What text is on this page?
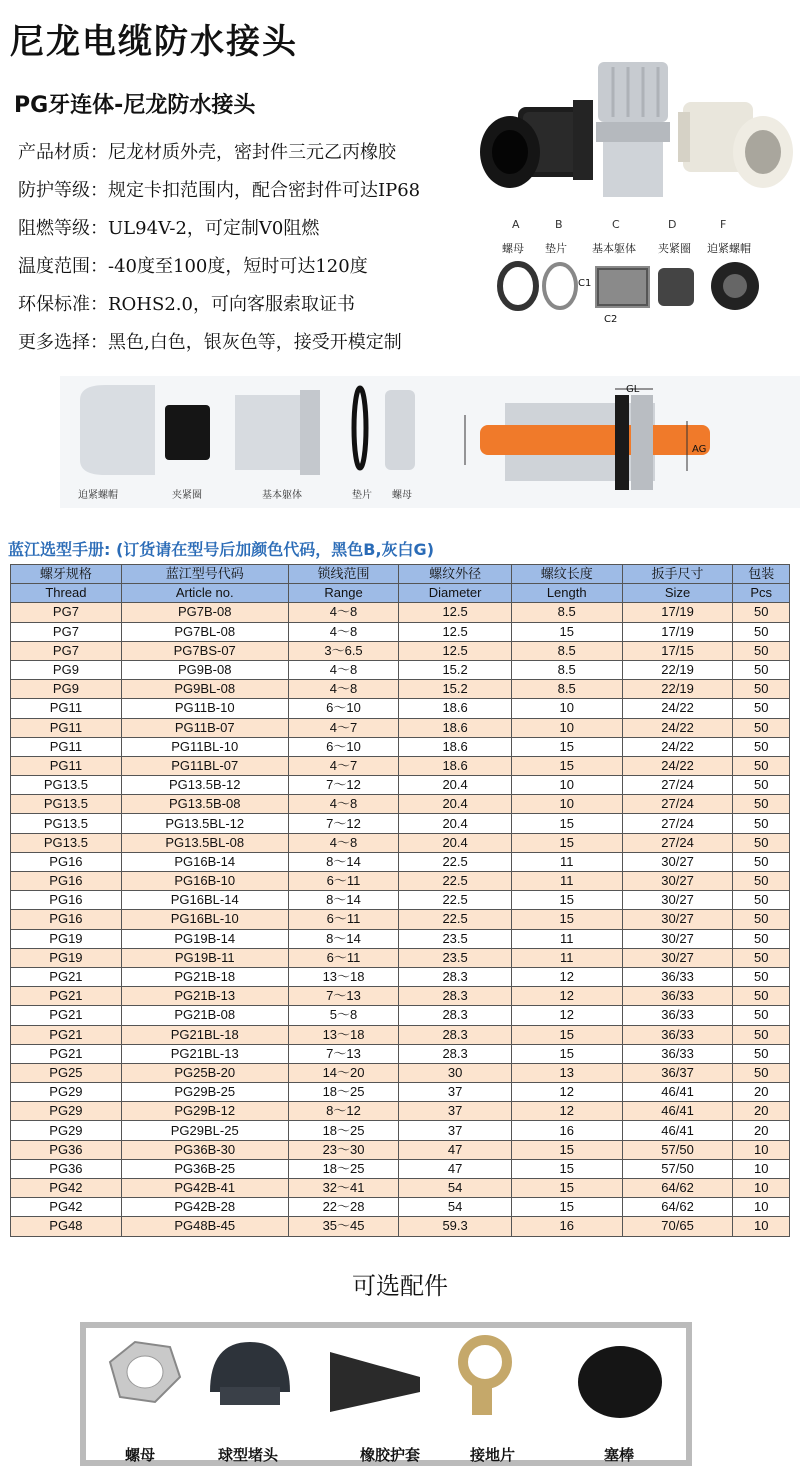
尼龙电缆防水接头
PG牙连体-尼龙防水接头
产品材质：尼龙材质外壳，密封件三元乙丙橡胶
防护等级：规定卡扣范围内，配合密封件可达IP68
阻燃等级：UL94V-2，可定制V0阻燃
温度范围：-40度至100度，短时可达120度
环保标准：ROHS2.0，可向客服索取证书
更多选择：黑色,白色，银灰色等，接受开模定制
A	B	C	D	F
螺母 垫片 基本躯体 夹紧圈 迫紧螺帽
C1
C2
迫紧螺帽	夹紧圈	基本躯体	垫片 螺母
GL
AG
蓝江选型手册: (订货请在型号后加颜色代码，黑色B,灰白G)
螺牙规格	蓝江型号代码	锁线范围	螺纹外径	螺纹长度	扳手尺寸	包装
Thread	Article no.	Range	Diameter	Length	Size	Pcs
PG7	PG7B-08	4～8	12.5	8.5	17/19	50
PG7	PG7BL-08	4～8	12.5	15	17/19	50
PG7	PG7BS-07	3～6.5	12.5	8.5	17/15	50
PG9	PG9B-08	4～8	15.2	8.5	22/19	50
PG9	PG9BL-08	4～8	15.2	8.5	22/19	50
PG11	PG11B-10	6～10	18.6	10	24/22	50
PG11	PG11B-07	4～7	18.6	10	24/22	50
PG11	PG11BL-10	6～10	18.6	15	24/22	50
PG11	PG11BL-07	4～7	18.6	15	24/22	50
PG13.5	PG13.5B-12	7～12	20.4	10	27/24	50
PG13.5	PG13.5B-08	4～8	20.4	10	27/24	50
PG13.5	PG13.5BL-12	7～12	20.4	15	27/24	50
PG13.5	PG13.5BL-08	4～8	20.4	15	27/24	50
PG16	PG16B-14	8～14	22.5	11	30/27	50
PG16	PG16B-10	6～11	22.5	11	30/27	50
PG16	PG16BL-14	8～14	22.5	15	30/27	50
PG16	PG16BL-10	6～11	22.5	15	30/27	50
PG19	PG19B-14	8～14	23.5	11	30/27	50
PG19	PG19B-11	6～11	23.5	11	30/27	50
PG21	PG21B-18	13～18	28.3	12	36/33	50
PG21	PG21B-13	7～13	28.3	12	36/33	50
PG21	PG21B-08	5～8	28.3	12	36/33	50
PG21	PG21BL-18	13～18	28.3	15	36/33	50
PG21	PG21BL-13	7～13	28.3	15	36/33	50
PG25	PG25B-20	14～20	30	13	36/37	50
PG29	PG29B-25	18～25	37	12	46/41	20
PG29	PG29B-12	8～12	37	12	46/41	20
PG29	PG29BL-25	18～25	37	16	46/41	20
PG36	PG36B-30	23～30	47	15	57/50	10
PG36	PG36B-25	18～25	47	15	57/50	10
PG42	PG42B-41	32～41	54	15	64/62	10
PG42	PG42B-28	22～28	54	15	64/62	10
PG48	PG48B-45	35～45	59.3	16	70/65	10
可选配件
螺母	球型堵头	橡胶护套	接地片	塞棒
